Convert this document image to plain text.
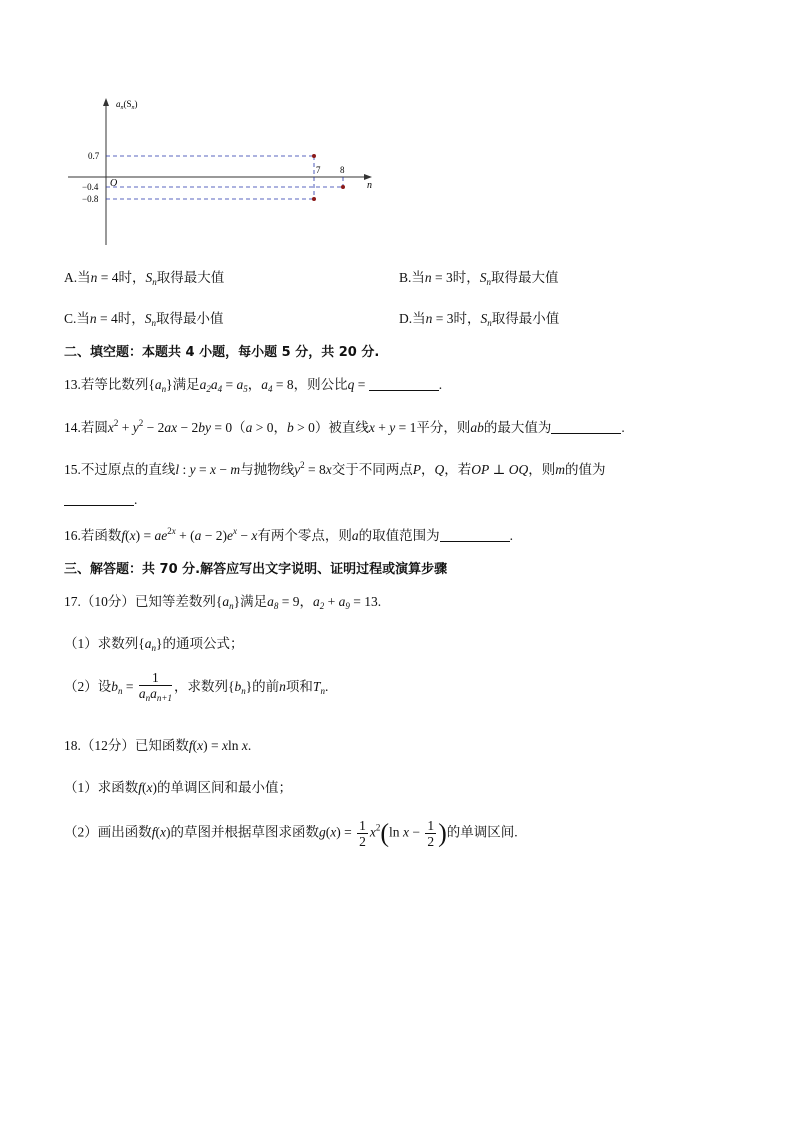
$a_n(S_n)$
n
O
0.7
−0.4
−0.8
7 8
A.当n = 4时，$S_n$取得最大值	B.当n = 3时，$S_n$取得最大值
C.当n = 4时，$S_n$取得最小值	D.当n = 3时，$S_n$取得最小值
二、填空题：本题共 4 小题，每小题 5 分，共 20 分.
13.若等比数列$\{a_n\}$满足$a_2a_4 = a_5$，$a_4 = 8$，则公比q =	.
14.若圆$x^2 + y^2 - 2ax - 2by = 0(a > 0$，b > 0）被直线x + y = 1平分，则ab的最大值为	.
15.不过原点的直线l : y = x − m与抛物线$y^2 = 8x$交于不同两点P，Q，若OP ⊥ OQ，则m的值为
.
16.若函数$f(x) = ae^{2x} + (a - 2)e^x - x$有两个零点，则a的取值范围为	.
三、解答题：共 70 分.解答应写出文字说明、证明过程或演算步骤
17.（10分）已知等差数列$\{a_n\}$满足$a_8 = 9$，$a_2 + a_9 = 13$.
（1）求数列$\{a_n\}$的通项公式；
（2）设$b_n = \frac{1}{a_na_{n+1}}$ ，求数列$\{b_n\}$的前n项和$T_n$.
18.（12分）已知函数f(x) = xln x.
（1）求函数f(x)的单调区间和最小值；
（2）画出函数f(x)的草图并根据草图求函数$g(x) = \frac{1}{2} x^2(\ln$ $x - \frac{1}{2}$ )的单调区间.
